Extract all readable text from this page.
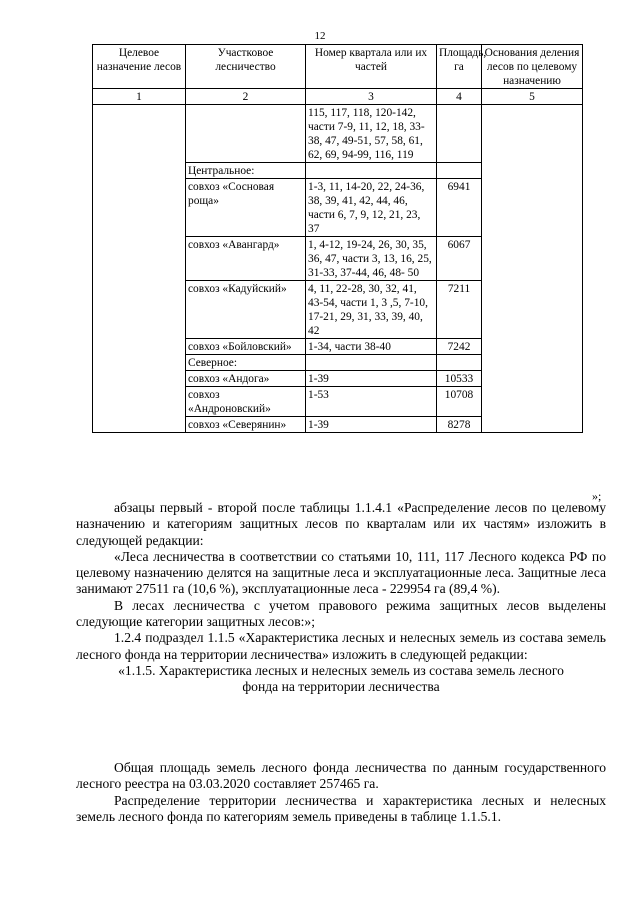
12
Целевое назначение лесов	Участковое лесничество	Номер квартала или их частей	Площадь, га	Основания деления лесов по целевому назначению
1	2	3	4	5
		115, 117, 118, 120-142, части 7-9, 11, 12, 18, 33-38, 47, 49-51, 57, 58, 61, 62, 69, 94-99, 116, 119		
	Центральное:			
	совхоз «Сосновая роща»	1-3, 11, 14-20, 22, 24-36, 38, 39, 41, 42, 44, 46, части 6, 7, 9, 12, 21, 23, 37	6941	
	совхоз «Авангард»	1, 4-12, 19-24, 26, 30, 35, 36, 47, части 3, 13, 16, 25, 31-33, 37-44, 46, 48- 50	6067	
	совхоз «Кадуйский»	4, 11, 22-28, 30, 32, 41, 43-54, части 1, 3 ,5, 7-10, 17-21, 29, 31, 33, 39, 40, 42	7211	
	совхоз «Бойловский»	1-34, части 38-40	7242	
	Северное:			
	совхоз «Андога»	1-39	10533	
	совхоз «Андроновский»	1-53	10708	
	совхоз «Северянин»	1-39	8278	
»;

абзацы первый - второй после таблицы 1.1.4.1 «Распределение лесов по целевому назначению и категориям защитных лесов по кварталам или их частям» изложить в следующей редакции:

«Леса лесничества в соответствии со статьями 10, 111, 117 Лесного кодекса РФ по целевому назначению делятся на защитные леса и эксплуатационные леса. Защитные леса занимают 27511 га (10,6 %), эксплуатационные леса - 229954 га (89,4 %).

В лесах лесничества с учетом правового режима защитных лесов выделены следующие категории защитных лесов:»;

1.2.4 подраздел 1.1.5 «Характеристика лесных и нелесных земель из состава земель лесного фонда на территории лесничества» изложить в следующей редакции:

«1.1.5. Характеристика лесных и нелесных земель из состава земель лесного

фонда на территории лесничества

Общая площадь земель лесного фонда лесничества по данным государственного лесного реестра на 03.03.2020 составляет 257465 га.

Распределение территории лесничества и характеристика лесных и нелесных земель лесного фонда по категориям земель приведены в таблице 1.1.5.1.
